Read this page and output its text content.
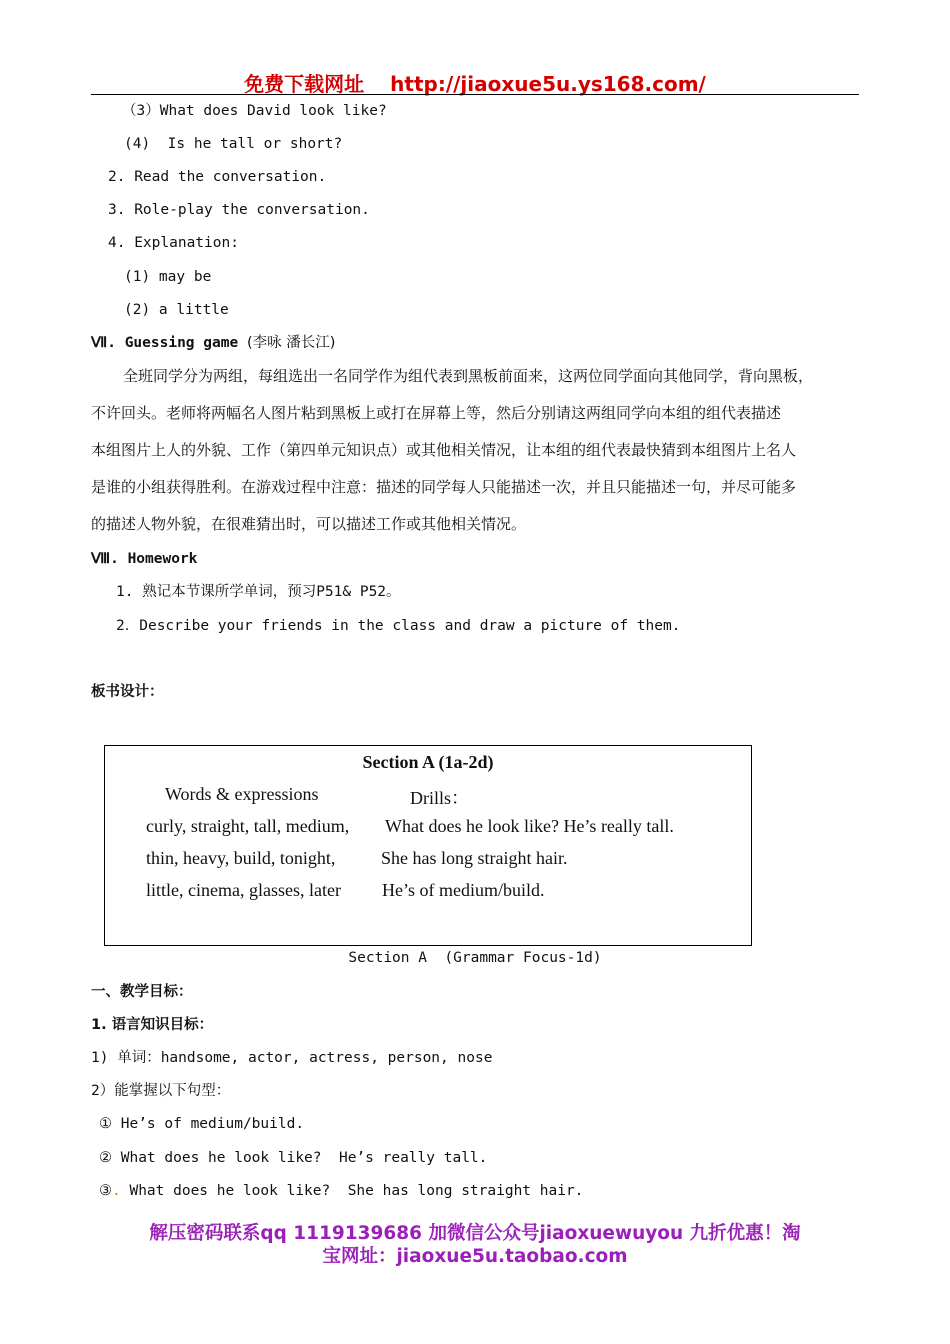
免费下载网址 http://jiaoxue5u.ys168.com/
（3）What does David look like?
(4)  Is he tall or short?
2. Read the conversation.
3. Role-play the conversation.
4. Explanation:
(1) may be
(2) a little
Ⅶ. Guessing game (李咏 潘长江)
全班同学分为两组，每组选出一名同学作为组代表到黑板前面来，这两位同学面向其他同学，背向黑板，
不许回头。老师将两幅名人图片粘到黑板上或打在屏幕上等，然后分别请这两组同学向本组的组代表描述
本组图片上人的外貌、工作（第四单元知识点）或其他相关情况，让本组的组代表最快猜到本组图片上名人
是谁的小组获得胜利。在游戏过程中注意：描述的同学每人只能描述一次，并且只能描述一句，并尽可能多
的描述人物外貌，在很难猜出时，可以描述工作或其他相关情况。
Ⅷ. Homework
1. 熟记本节课所学单词，预习P51& P52。
2．Describe your friends in the class and draw a picture of them.
板书设计：
Section A (1a-2d)
Words & expressions	Drills：
curly, straight, tall, medium,
thin, heavy, build, tonight,
little, cinema, glasses, later
What does he look like? He’s really tall.
She has long straight hair.
He’s of medium/build.
Section A  (Grammar Focus-1d)
一、教学目标：
1. 语言知识目标：
1) 单词：handsome, actor, actress, person, nose
2）能掌握以下句型：
① He’s of medium/build.
② What does he look like?  He’s really tall.
③. What does he look like?  She has long straight hair.
解压密码联系qq 1119139686 加微信公众号jiaoxuewuyou 九折优惠！淘
宝网址：jiaoxue5u.taobao.com
